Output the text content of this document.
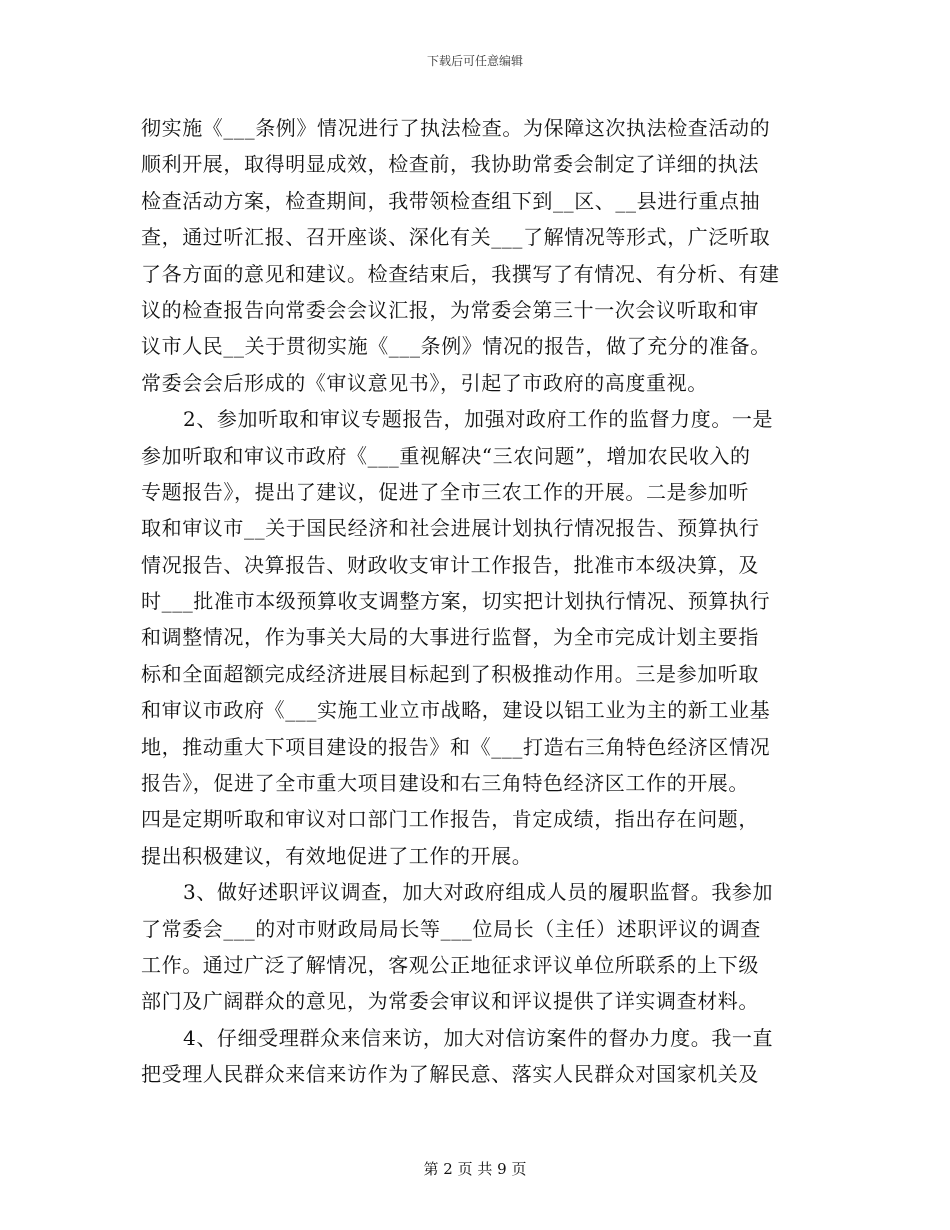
下载后可任意编辑
彻实施《___条例》情况进行了执法检查。为保障这次执法检查活动的
顺利开展，取得明显成效，检查前，我协助常委会制定了详细的执法
检查活动方案，检查期间，我带领检查组下到__区、__县进行重点抽
查，通过听汇报、召开座谈、深化有关___了解情况等形式，广泛听取
了各方面的意见和建议。检查结束后，我撰写了有情况、有分析、有建
议的检查报告向常委会会议汇报，为常委会第三十一次会议听取和审
议市人民__关于贯彻实施《___条例》情况的报告，做了充分的准备。
常委会会后形成的《审议意见书》，引起了市政府的高度重视。
2、参加听取和审议专题报告，加强对政府工作的监督力度。一是
参加听取和审议市政府《___重视解决“三农问题”，增加农民收入的
专题报告》，提出了建议，促进了全市三农工作的开展。二是参加听
取和审议市__关于国民经济和社会进展计划执行情况报告、预算执行
情况报告、决算报告、财政收支审计工作报告，批准市本级决算，及
时___批准市本级预算收支调整方案，切实把计划执行情况、预算执行
和调整情况，作为事关大局的大事进行监督，为全市完成计划主要指
标和全面超额完成经济进展目标起到了积极推动作用。三是参加听取
和审议市政府《___实施工业立市战略，建设以铝工业为主的新工业基
地，推动重大下项目建设的报告》和《___打造右三角特色经济区情况
报告》，促进了全市重大项目建设和右三角特色经济区工作的开展。
四是定期听取和审议对口部门工作报告，肯定成绩，指出存在问题，
提出积极建议，有效地促进了工作的开展。
3、做好述职评议调查，加大对政府组成人员的履职监督。我参加
了常委会___的对市财政局局长等___位局长（主任）述职评议的调查
工作。通过广泛了解情况，客观公正地征求评议单位所联系的上下级
部门及广阔群众的意见，为常委会审议和评议提供了详实调查材料。
4、仔细受理群众来信来访，加大对信访案件的督办力度。我一直
把受理人民群众来信来访作为了解民意、落实人民群众对国家机关及
第 2 页 共 9 页
